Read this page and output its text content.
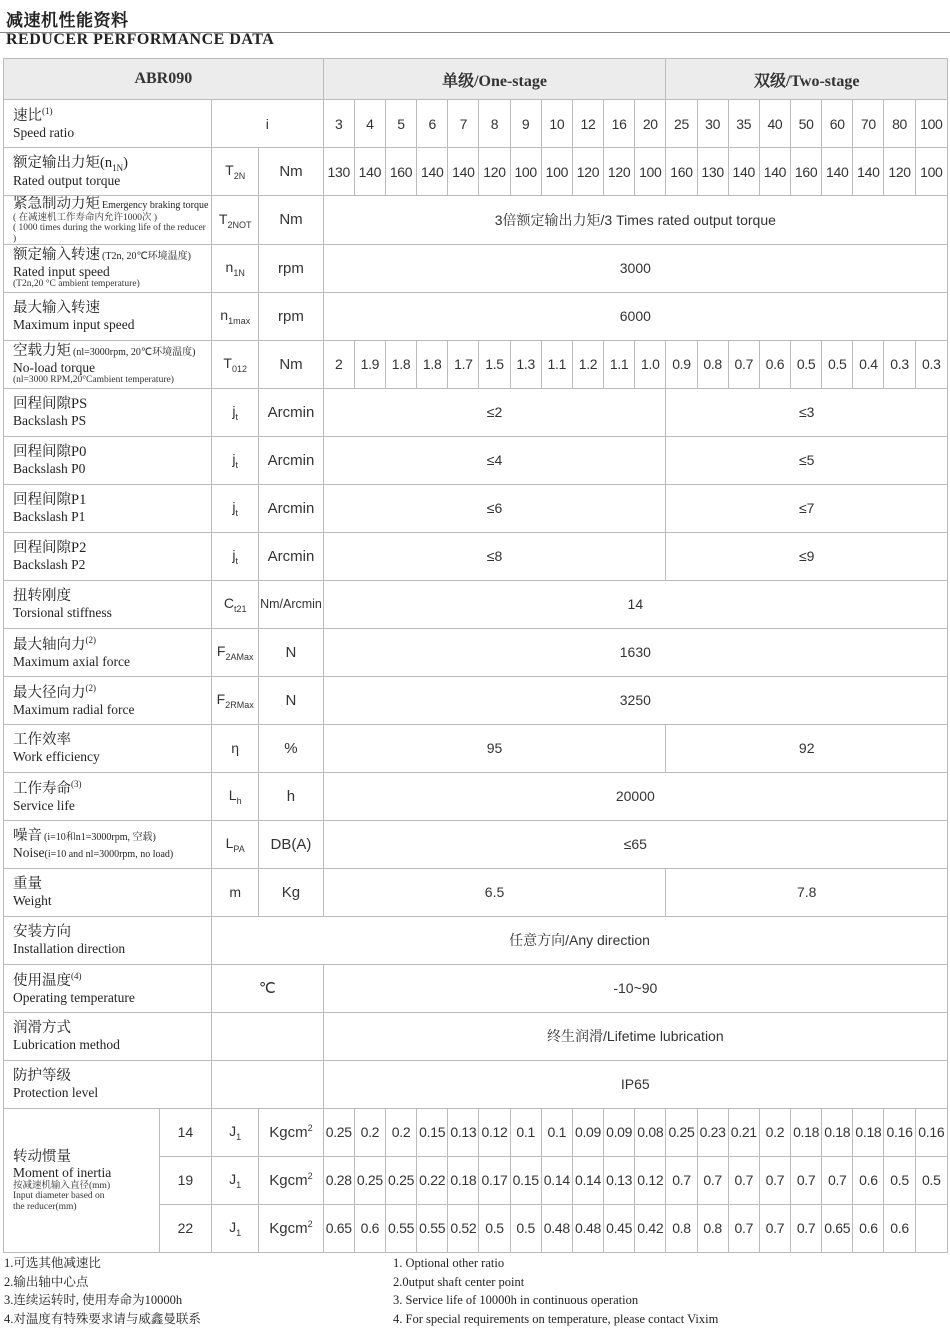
减速机性能资料
REDUCER PERFORMANCE DATA
ABR090				单级/One-stage											双级/Two-stage								

速比$^{(1)}$
Speed ratio		i		3	4	5	6	7	8	9	10	12	16	20	25	30	35	40	50	60	70	80	100

额定输出力矩$(n_{1N})$
Rated output torque		$T_{2N}$	Nm	130	140	160	140	140	120	100	100	120	120	100	160	130	140	140	160	140	140	120	100

紧急制动力矩 Emergency braking torque
( 在减速机工作寿命内允许1000次 )
( 1000 times during the working life of the reducer )		$T_{2NOT}$	Nm	3倍额定输出力矩/3 Times rated output torque																			

额定输入转速 (T2n, 20℃环境温度)
Rated input speed
(T2n,20 °C ambient temperature)		$n_{1N}$	rpm	3000																			

最大输入转速
Maximum input speed		$n_{1max}$	rpm	6000																			

空载力矩 (nl=3000rpm, 20℃环境温度)
No-load torque
(nl=3000 RPM,20°Cambient temperature)		$T_{012}$	Nm	2	1.9	1.8	1.8	1.7	1.5	1.3	1.1	1.2	1.1	1.0	0.9	0.8	0.7	0.6	0.5	0.5	0.4	0.3	0.3

回程间隙PS
Backslash PS		$j_t$	Arcmin	≤2											≤3								

回程间隙P0
Backslash P0		$j_t$	Arcmin	≤4											≤5								

回程间隙P1
Backslash P1		$j_t$	Arcmin	≤6											≤7								

回程间隙P2
Backslash P2		$j_t$	Arcmin	≤8											≤9								

扭转刚度
Torsional stiffness		$C_{t21}$	Nm/Arcmin	14																			

最大轴向力$^{(2)}$
Maximum axial force		$F_{2AMax}$	N	1630																			

最大径向力$^{(2)}$
Maximum radial force		$F_{2RMax}$	N	3250																			

工作效率
Work efficiency		η	%	95											92								

工作寿命$^{(3)}$
Service life		$L_h$	h	20000																			

噪音 (i=10和n1=3000rpm, 空载)
Noise(i=10 and nl=3000rpm, no load)		$L_{PA}$	DB(A)	≤65																			

重量
Weight		m	Kg	6.5											7.8								

安装方向
Installation direction		任意方向/Any direction																					

使用温度$^{(4)}$
Operating temperature		℃		-10~90																			

润滑方式
Lubrication method				终生润滑/Lifetime lubrication																			

防护等级
Protection level				IP65																			

转动惯量
Moment of inertia
按减速机输入直径(mm)
Input diameter based on
the reducer(mm)	14	$J_1$	Kgcm$^2$	0.25	0.2	0.2	0.15	0.13	0.12	0.1	0.1	0.09	0.09	0.08	0.25	0.23	0.21	0.2	0.18	0.18	0.18	0.16	0.16
	19	$J_1$	Kgcm$^2$	0.28	0.25	0.25	0.22	0.18	0.17	0.15	0.14	0.14	0.13	0.12	0.7	0.7	0.7	0.7	0.7	0.7	0.6	0.5	0.5
	22	$J_1$	Kgcm$^2$	0.65	0.6	0.55	0.55	0.52	0.5	0.5	0.48	0.48	0.45	0.42	0.8	0.8	0.7	0.7	0.7	0.65	0.6	0.6	
1.可选其他减速比
2.输出轴中心点
3.连续运转时, 使用寿命为10000h
4.对温度有特殊要求请与威鑫曼联系
1. Optional other ratio
2.0utput shaft center point
3. Service life of 10000h in continuous operation
4. For special requirements on temperature, please contact Vixim
